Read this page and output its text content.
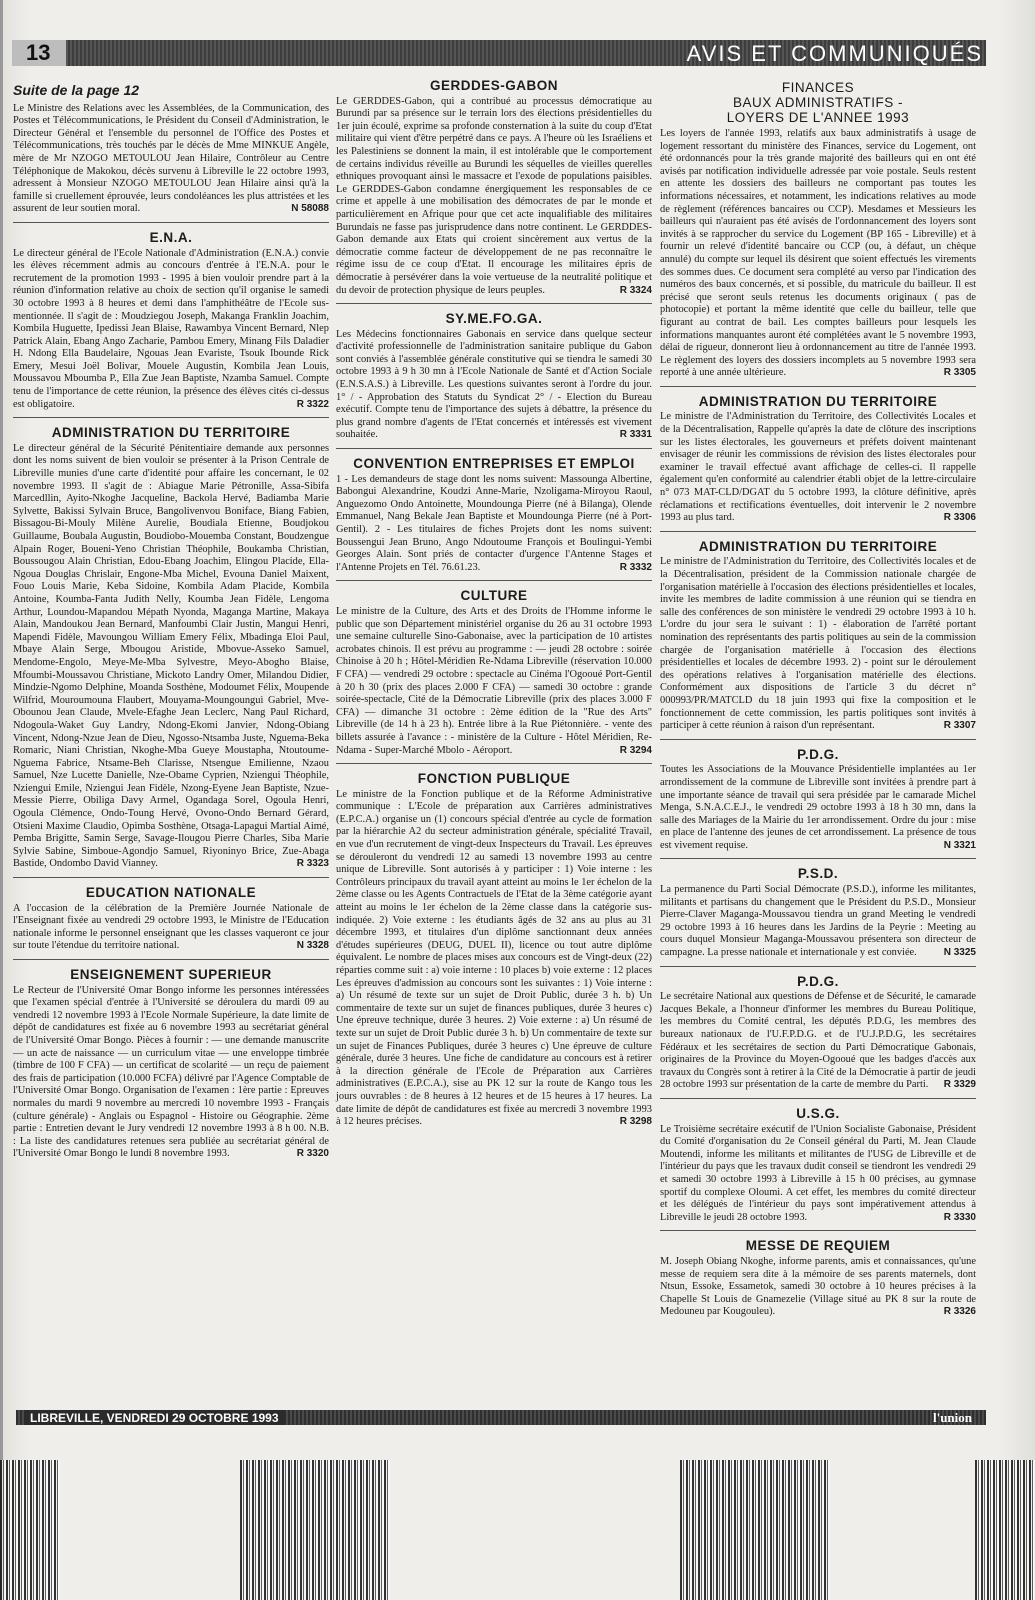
13	AVIS ET COMMUNIQUÉS
Suite de la page 12

Le Ministre des Relations avec les Assemblées, de la Communication, des Postes et Télécommunications, le Président du Conseil d'Administration, le Directeur Général et l'ensemble du personnel de l'Office des Postes et Télécommunications, très touchés par le décès de Mme MINKUE Angèle, mère de Mr NZOGO METOULOU Jean Hilaire, Contrôleur au Centre Téléphonique de Makokou, décès survenu à Libreville le 22 octobre 1993, adressent à Monsieur NZOGO METOULOU Jean Hilaire ainsi qu'à la famille si cruellement éprouvée, leurs condoléances les plus attristées et les assurent de leur soutien moral.	N 58088

E.N.A.

Le directeur général de l'Ecole Nationale d'Administration (E.N.A.) convie les élèves récemment admis au concours d'entrée à l'E.N.A. pour le recrutement de la promotion 1993 - 1995 à bien vouloir prendre part à la réunion d'information relative au choix de section qu'il organise le samedi 30 octobre 1993 à 8 heures et demi dans l'amphithéâtre de l'Ecole sus-mentionnée. Il s'agit de : Moudziegou Joseph, Makanga Franklin Joachim, Kombila Huguette, Ipedissi Jean Blaise, Rawambya Vincent Bernard, Nlep Patrick Alain, Ebang Ango Zacharie, Pambou Emery, Minang Fils Daladier H. Ndong Ella Baudelaire, Ngouas Jean Evariste, Tsouk Ibounde Rick Emery, Mesui Joël Bolivar, Mouele Augustin, Kombila Jean Louis, Moussavou Mboumba P., Ella Zue Jean Baptiste, Nzamba Samuel. Compte tenu de l'importance de cette réunion, la présence des élèves cités ci-dessus est obligatoire.	R 3322

ADMINISTRATION DU TERRITOIRE

Le directeur général de la Sécurité Pénitentiaire demande aux personnes dont les noms suivent de bien vouloir se présenter à la Prison Centrale de Libreville munies d'une carte d'identité pour affaire les concernant, le 02 novembre 1993. Il s'agit de : Abiague Marie Pétronille, Assa-Sibifa Marcedllin, Ayito-Nkoghe Jacqueline, Backola Hervé, Badiamba Marie Sylvette, Bakissi Sylvain Bruce, Bangolivenvou Boniface, Biang Fabien, Bissagou-Bi-Mouly Milène Aurelie, Boudiala Etienne, Boudjokou Guillaume, Boubala Augustin, Boudiobo-Mouemba Constant, Boudzengue Alpain Roger, Boueni-Yeno Christian Théophile, Boukamba Christian, Boussougou Alain Christian, Edou-Ebang Joachim, Elingou Placide, Ella-Ngoua Douglas Chrislair, Engone-Mba Michel, Evouna Daniel Maixent, Fouo Louis Marie, Keba Sidoine, Kombila Adam Placide, Kombila Antoine, Koumba-Fanta Judith Nelly, Koumba Jean Fidèle, Lengoma Arthur, Loundou-Mapandou Mépath Nyonda, Maganga Martine, Makaya Alain, Mandoukou Jean Bernard, Manfoumbi Clair Justin, Mangui Henri, Mapendi Fidèle, Mavoungou William Emery Félix, Mbadinga Eloi Paul, Mbaye Alain Serge, Mbougou Aristide, Mbovue-Asseko Samuel, Mendome-Engolo, Meye-Me-Mba Sylvestre, Meyo-Abogho Blaise, Mfoumbi-Moussavou Christiane, Mickoto Landry Omer, Milandou Didier, Mindzie-Ngomo Delphine, Moanda Sosthène, Modoumet Félix, Moupende Wilfrid, Mouroumouna Flaubert, Mouyama-Moungounguì Gabriel, Mve-Obounou Jean Claude, Mvele-Efaghe Jean Leclerc, Nang Paul Richard, Ndogoula-Waket Guy Landry, Ndong-Ekomi Janvier, Ndong-Obiang Vincent, Ndong-Nzue Jean de Dieu, Ngosso-Ntsamba Juste, Nguema-Beka Romaric, Niani Christian, Nkoghe-Mba Gueye Moustapha, Ntoutoume-Nguema Fabrice, Ntsame-Beh Clarisse, Ntsengue Emilienne, Nzaou Samuel, Nze Lucette Danielle, Nze-Obame Cyprien, Nziengui Théophile, Nziengui Emile, Nziengui Jean Fidèle, Nzong-Eyene Jean Baptiste, Nzue-Messie Pierre, Obiliga Davy Armel, Ogandaga Sorel, Ogoula Henri, Ogoula Clémence, Ondo-Toung Hervé, Ovono-Ondo Bernard Gérard, Otsieni Maxime Claudio, Opimba Sosthène, Otsaga-Lapagui Martial Aimé, Pemba Brigitte, Samin Serge, Savage-Ilougou Pierre Charles, Siba Marie Sylvie Sabine, Simboue-Agondjo Samuel, Riyoninyo Brice, Zue-Abaga Bastide, Ondombo David Vianney.	R 3323

EDUCATION NATIONALE

A l'occasion de la célébration de la Première Journée Nationale de l'Enseignant fixée au vendredi 29 octobre 1993, le Ministre de l'Education nationale informe le personnel enseignant que les classes vaqueront ce jour sur toute l'étendue du territoire national.	N 3328

ENSEIGNEMENT SUPERIEUR

Le Recteur de l'Université Omar Bongo informe les personnes intéressées que l'examen spécial d'entrée à l'Université se déroulera du mardi 09 au vendredi 12 novembre 1993 à l'Ecole Normale Supérieure, la date limite de dépôt de candidatures est fixée au 6 novembre 1993 au secrétariat général de l'Université Omar Bongo. Pièces à fournir : — une demande manuscrite — un acte de naissance — un curriculum vitae — une enveloppe timbrée (timbre de 100 F CFA) — un certificat de scolarité — un reçu de paiement des frais de participation (10.000 FCFA) délivré par l'Agence Comptable de l'Université Omar Bongo. Organisation de l'examen : 1ère partie : Epreuves normales du mardi 9 novembre au mercredi 10 novembre 1993 - Français (culture générale) - Anglais ou Espagnol - Histoire ou Géographie. 2ème partie : Entretien devant le Jury vendredi 12 novembre 1993 à 8 h 00. N.B. : La liste des candidatures retenues sera publiée au secrétariat général de l'Université Omar Bongo le lundi 8 novembre 1993.	R 3320

GERDDES-GABON

Le GERDDES-Gabon, qui a contribué au processus démocratique au Burundi par sa présence sur le terrain lors des élections présidentielles du 1er juin écoulé, exprime sa profonde consternation à la suite du coup d'Etat militaire qui vient d'être perpétré dans ce pays. A l'heure où les Israéliens et les Palestiniens se donnent la main, il est intolérable que le comportement de certains individus réveille au Burundi les séquelles de vieilles querelles ethniques provoquant ainsi le massacre et l'exode de populations paisibles. Le GERDDES-Gabon condamne énergiquement les responsables de ce crime et appelle à une mobilisation des démocrates de par le monde et particulièrement en Afrique pour que cet acte inqualifiable des militaires Burundais ne fasse pas jurisprudence dans notre continent. Le GERDDES-Gabon demande aux Etats qui croient sincèrement aux vertus de la démocratie comme facteur de développement de ne pas reconnaître le régime issu de ce coup d'Etat. Il encourage les militaires épris de démocratie à persévérer dans la voie vertueuse de la neutralité politique et du devoir de protection physique de leurs peuples.	R 3324

SY.ME.FO.GA.

Les Médecins fonctionnaires Gabonais en service dans quelque secteur d'activité professionnelle de l'administration sanitaire publique du Gabon sont conviés à l'assemblée générale constitutive qui se tiendra le samedi 30 octobre 1993 à 9 h 30 mn à l'Ecole Nationale de Santé et d'Action Sociale (E.N.S.A.S.) à Libreville. Les questions suivantes seront à l'ordre du jour. 1° / - Approbation des Statuts du Syndicat 2° / - Election du Bureau exécutif. Compte tenu de l'importance des sujets à débattre, la présence du plus grand nombre d'agents de l'Etat concernés et intéressés est vivement souhaitée.	R 3331

CONVENTION ENTREPRISES ET EMPLOI

1 - Les demandeurs de stage dont les noms suivent: Massounga Albertine, Babongui Alexandrine, Koudzi Anne-Marie, Nzoligama-Miroyou Raoul, Anguezomo Ondo Antoinette, Moundounga Pierre (né à Bilanga), Olende Emmanuel, Nang Bekale Jean Baptiste et Moundounga Pierre (né à Port-Gentil). 2 - Les titulaires de fiches Projets dont les noms suivent: Boussengui Jean Bruno, Ango Ndoutoume François et Boulingui-Yembi Georges Alain. Sont priés de contacter d'urgence l'Antenne Stages et l'Antenne Projets en Tél. 76.61.23.	R 3332

CULTURE

Le ministre de la Culture, des Arts et des Droits de l'Homme informe le public que son Département ministériel organise du 26 au 31 octobre 1993 une semaine culturelle Sino-Gabonaise, avec la participation de 10 artistes acrobates chinois. Il est prévu au programme : — jeudi 28 octobre : soirée Chinoise à 20 h ; Hôtel-Méridien Re-Ndama Libreville (réservation 10.000 F CFA) — vendredi 29 octobre : spectacle au Cinéma l'Ogooué Port-Gentil à 20 h 30 (prix des places 2.000 F CFA) — samedi 30 octobre : grande soirée-spectacle, Cité de la Démocratie Libreville (prix des places 3.000 F CFA) — dimanche 31 octobre : 2ème édition de la "Rue des Arts" Libreville (de 14 h à 23 h). Entrée libre à la Rue Piétonnière. - vente des billets assurée à l'avance : - ministère de la Culture - Hôtel Méridien, Re-Ndama - Super-Marché Mbolo - Aéroport.	R 3294

FONCTION PUBLIQUE

Le ministre de la Fonction publique et de la Réforme Administrative communique : L'Ecole de préparation aux Carrières administratives (E.P.C.A.) organise un (1) concours spécial d'entrée au cycle de formation par la hiérarchie A2 du secteur administration générale, spécialité Travail, en vue d'un recrutement de vingt-deux Inspecteurs du Travail. Les épreuves se dérouleront du vendredi 12 au samedi 13 novembre 1993 au centre unique de Libreville. Sont autorisés à y participer : 1) Voie interne : les Contrôleurs principaux du travail ayant atteint au moins le 1er échelon de la 2ème classe ou les Agents Contractuels de l'Etat de la 3ème catégorie ayant atteint au moins le 1er échelon de la 2ème classe dans la catégorie sus-indiquée. 2) Voie externe : les étudiants âgés de 32 ans au plus au 31 décembre 1993, et titulaires d'un diplôme sanctionnant deux années d'études supérieures (DEUG, DUEL II), licence ou tout autre diplôme équivalent. Le nombre de places mises aux concours est de Vingt-deux (22) réparties comme suit : a) voie interne : 10 places b) voie externe : 12 places Les épreuves d'admission au concours sont les suivantes : 1) Voie interne : a) Un résumé de texte sur un sujet de Droit Public, durée 3 h. b) Un commentaire de texte sur un sujet de finances publiques, durée 3 heures c) Une épreuve technique, durée 3 heures. 2) Voie externe : a) Un résumé de texte sur un sujet de Droit Public durée 3 h. b) Un commentaire de texte sur un sujet de Finances Publiques, durée 3 heures c) Une épreuve de culture générale, durée 3 heures. Une fiche de candidature au concours est à retirer à la direction générale de l'Ecole de Préparation aux Carrières administratives (E.P.C.A.), sise au PK 12 sur la route de Kango tous les jours ouvrables : de 8 heures à 12 heures et de 15 heures à 17 heures. La date limite de dépôt de candidatures est fixée au mercredi 3 novembre 1993 à 12 heures précises.	R 3298

FINANCES
BAUX ADMINISTRATIFS -
LOYERS DE L'ANNEE 1993

Les loyers de l'année 1993, relatifs aux baux administratifs à usage de logement ressortant du ministère des Finances, service du Logement, ont été ordonnancés pour la très grande majorité des bailleurs qui en ont été avisés par notification individuelle adressée par voie postale. Seuls restent en attente les dossiers des bailleurs ne comportant pas toutes les informations nécessaires, et notamment, les indications relatives au mode de règlement (références bancaires ou CCP). Mesdames et Messieurs les bailleurs qui n'auraient pas été avisés de l'ordonnancement des loyers sont invités à se rapprocher du service du Logement (BP 165 - Libreville) et à fournir un relevé d'identité bancaire ou CCP (ou, à défaut, un chèque annulé) du compte sur lequel ils désirent que soient effectués les virements des sommes dues. Ce document sera complété au verso par l'indication des numéros des baux concernés, et si possible, du matricule du bailleur. Il est précisé que seront seuls retenus les documents originaux ( pas de photocopie) et portant la même identité que celle du bailleur, telle que figurant au contrat de bail. Les comptes bailleurs pour lesquels les informations manquantes auront été complétées avant le 5 novembre 1993, délai de rigueur, donneront lieu à ordonnancement au titre de l'année 1993. Le règlement des loyers des dossiers incomplets au 5 novembre 1993 sera reporté à une année ultérieure.	R 3305

ADMINISTRATION DU TERRITOIRE

Le ministre de l'Administration du Territoire, des Collectivités Locales et de la Décentralisation, Rappelle qu'après la date de clôture des inscriptions sur les listes électorales, les gouverneurs et préfets doivent maintenant envisager de réunir les commissions de révision des listes électorales pour examiner le travail effectué avant affichage de celles-ci. Il rappelle également qu'en conformité au calendrier établi objet de la lettre-circulaire n° 073 MAT-CLD/DGAT du 5 octobre 1993, la clôture définitive, après réclamations et rectifications éventuelles, doit intervenir le 2 novembre 1993 au plus tard.	R 3306

ADMINISTRATION DU TERRITOIRE

Le ministre de l'Administration du Territoire, des Collectivités locales et de la Décentralisation, président de la Commission nationale chargée de l'organisation matérielle à l'occasion des élections présidentielles et locales, invite les membres de ladite commission à une réunion qui se tiendra en salle des conférences de son ministère le vendredi 29 octobre 1993 à 10 h. L'ordre du jour sera le suivant : 1) - élaboration de l'arrêté portant nomination des représentants des partis politiques au sein de la commission chargée de l'organisation matérielle à l'occasion des élections présidentielles et locales de décembre 1993. 2) - point sur le déroulement des opérations relatives à l'organisation matérielle des élections. Conformément aux dispositions de l'article 3 du décret n° 000993/PR/MATCLD du 18 juin 1993 qui fixe la composition et le fonctionnement de cette commission, les partis politiques sont invités à participer à cette réunion à raison d'un représentant.	R 3307

P.D.G.

Toutes les Associations de la Mouvance Présidentielle implantées au 1er arrondissement de la commune de Libreville sont invitées à prendre part à une importante séance de travail qui sera présidée par le camarade Michel Menga, S.N.A.C.E.J., le vendredi 29 octobre 1993 à 18 h 30 mn, dans la salle des Mariages de la Mairie du 1er arrondissement. Ordre du jour : mise en place de l'antenne des jeunes de cet arrondissement. La présence de tous est vivement requise.	N 3321

P.S.D.

La permanence du Parti Social Démocrate (P.S.D.), informe les militantes, militants et partisans du changement que le Président du P.S.D., Monsieur Pierre-Claver Maganga-Moussavou tiendra un grand Meeting le vendredi 29 octobre 1993 à 16 heures dans les Jardins de la Peyrie : Meeting au cours duquel Monsieur Maganga-Moussavou présentera son directeur de campagne. La presse nationale et internationale y est conviée.	N 3325

P.D.G.

Le secrétaire National aux questions de Défense et de Sécurité, le camarade Jacques Bekale, a l'honneur d'informer les membres du Bureau Politique, les membres du Comité central, les députés P.D.G, les membres des bureaux nationaux de l'U.F.P.D.G. et de l'U.J.P.D.G, les secrétaires Fédéraux et les secrétaires de section du Parti Démocratique Gabonais, originaires de la Province du Moyen-Ogooué que les badges d'accès aux travaux du Congrès sont à retirer à la Cité de la Démocratie à partir de jeudi 28 octobre 1993 sur présentation de la carte de membre du Parti. R 3329

U.S.G.

Le Troisième secrétaire exécutif de l'Union Socialiste Gabonaise, Président du Comité d'organisation du 2e Conseil général du Parti, M. Jean Claude Moutendi, informe les militants et militantes de l'USG de Libreville et de l'intérieur du pays que les travaux dudit conseil se tiendront les vendredi 29 et samedi 30 octobre 1993 à Libreville à 15 h 00 précises, au gymnase sportif du complexe Oloumi. A cet effet, les membres du comité directeur et les délégués de l'intérieur du pays sont impérativement attendus à Libreville le jeudi 28 octobre 1993.	R 3330

MESSE DE REQUIEM

M. Joseph Obiang Nkoghe, informe parents, amis et connaissances, qu'une messe de requiem sera dite à la mémoire de ses parents maternels, dont Ntsun, Essoke, Essametok, samedi 30 octobre à 10 heures précises à la Chapelle St Louis de Gnamezelie (Village situé au PK 8 sur la route de Medouneu par Kougouleu).	R 3326

LIBREVILLE, VENDREDI 29 OCTOBRE 1993	l'union
